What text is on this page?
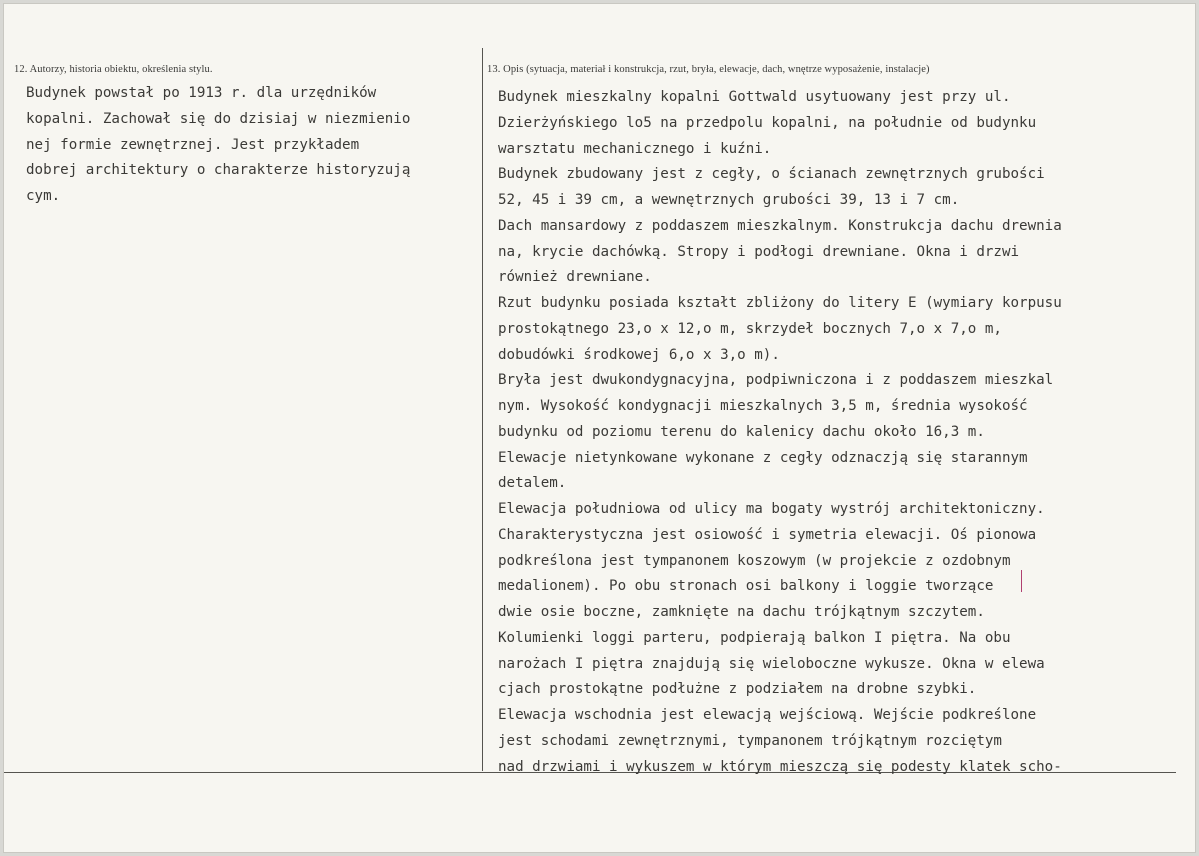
12. Autorzy, historia obiektu, określenia stylu.	13. Opis (sytuacja, materiał i konstrukcja, rzut, bryła, elewacje, dach, wnętrze wyposażenie, instalacje)
Budynek powstał po 1913 r. dla urzędników
kopalni. Zachował się do dzisiaj w niezmienio
nej formie zewnętrznej. Jest przykładem
dobrej architektury o charakterze historyzują
cym.
Budynek mieszkalny kopalni Gottwald usytuowany jest przy ul.
Dzierżyńskiego lo5 na przedpolu kopalni, na południe od budynku
warsztatu mechanicznego i kuźni.
Budynek zbudowany jest z cegły, o ścianach zewnętrznych grubości
52, 45 i 39 cm, a wewnętrznych grubości 39, 13 i 7 cm.
Dach mansardowy z poddaszem mieszkalnym. Konstrukcja dachu drewnia
na, krycie dachówką. Stropy i podłogi drewniane. Okna i drzwi
również drewniane.
Rzut budynku posiada kształt zbliżony do litery E (wymiary korpusu
prostokątnego 23,o x 12,o m, skrzydeł bocznych 7,o x 7,o m,
dobudówki środkowej 6,o x 3,o m).
Bryła jest dwukondygnacyjna, podpiwniczona i z poddaszem mieszkal
nym. Wysokość kondygnacji mieszkalnych 3,5 m, średnia wysokość
budynku od poziomu terenu do kalenicy dachu około 16,3 m.
Elewacje nietynkowane wykonane z cegły odznaczją się starannym
detalem.
Elewacja południowa od ulicy ma bogaty wystrój architektoniczny.
Charakterystyczna jest osiowość i symetria elewacji. Oś pionowa
podkreślona jest tympanonem koszowym (w projekcie z ozdobnym
medalionem). Po obu stronach osi balkony i loggie tworzące
dwie osie boczne, zamknięte na dachu trójkątnym szczytem.
Kolumienki loggi parteru, podpierają balkon I piętra. Na obu
narożach I piętra znajdują się wieloboczne wykusze. Okna w elewa
cjach prostokątne podłużne z podziałem na drobne szybki.
Elewacja wschodnia jest elewacją wejściową. Wejście podkreślone
jest schodami zewnętrznymi, tympanonem trójkątnym rozciętym
nad drzwiami i wykuszem w którym mieszczą się podesty klatek scho-
